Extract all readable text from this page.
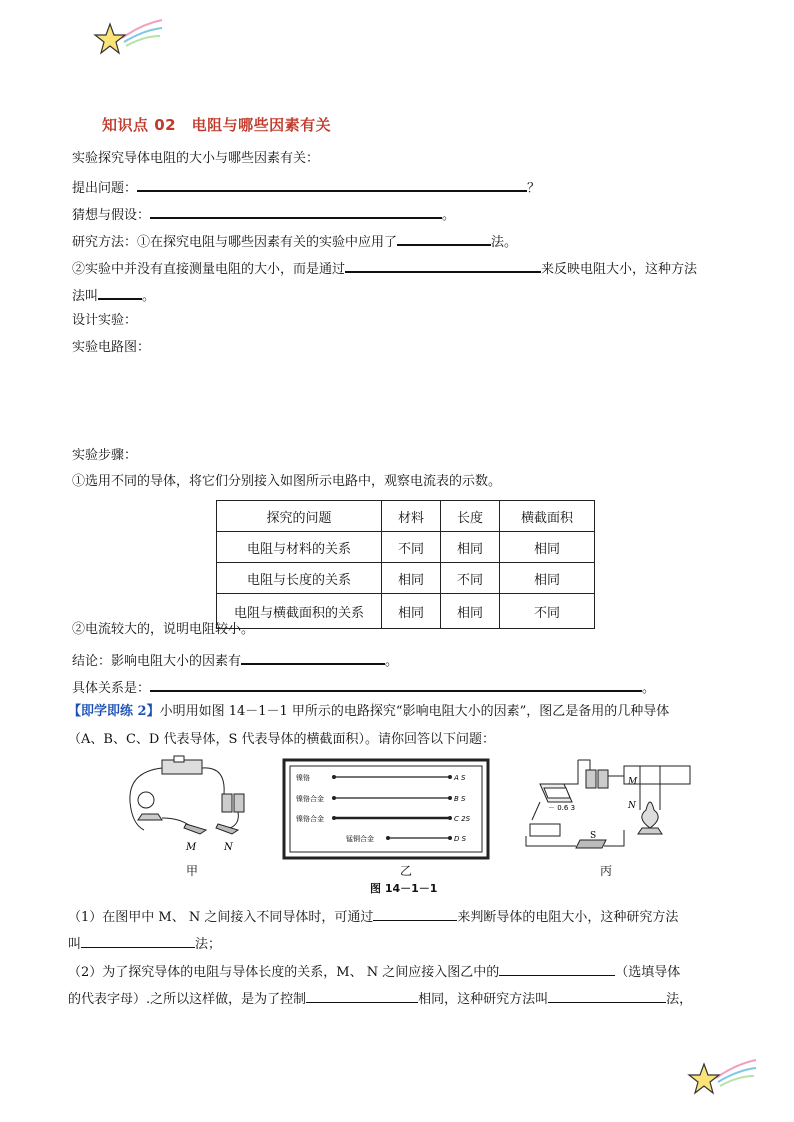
知识点 02　电阻与哪些因素有关
实验探究导体电阻的大小与哪些因素有关：
提出问题：	？
猜想与假设：	。
研究方法：①在探究电阻与哪些因素有关的实验中应用了	法。
②实验中并没有直接测量电阻的大小，而是通过	来反映电阻大小，这种方法
法叫	。
设计实验：
实验电路图：
实验步骤：
①选用不同的导体，将它们分别接入如图所示电路中，观察电流表的示数。
探究的问题	材料	长度	横截面积
电阻与材料的关系	不同	相同	相同
电阻与长度的关系	相同	不同	相同
电阻与横截面积的关系	相同	相同	不同
②电流较大的，说明电阻较小。
结论：影响电阻大小的因素有	。
具体关系是：	。
【即学即练 2】小明用如图 14－1－1 甲所示的电路探究“影响电阻大小的因素”，图乙是备用的几种导体
（A、B、C、D 代表导体，S 代表导体的横截面积）。请你回答以下问题：
M	N
镍铬
镍铬合金
镍铬合金
锰铜合金
A S
B S
C 2S
D S
－ 0.6 3
M
N
S
甲	乙	丙
图 14－1－1
（1）在图甲中 M、 N 之间接入不同导体时，可通过	来判断导体的电阻大小，这种研究方法
叫	法；
（2）为了探究导体的电阻与导体长度的关系，M、 N 之间应接入图乙中的	（选填导体
的代表字母）.之所以这样做，是为了控制	相同，这种研究方法叫	法，
